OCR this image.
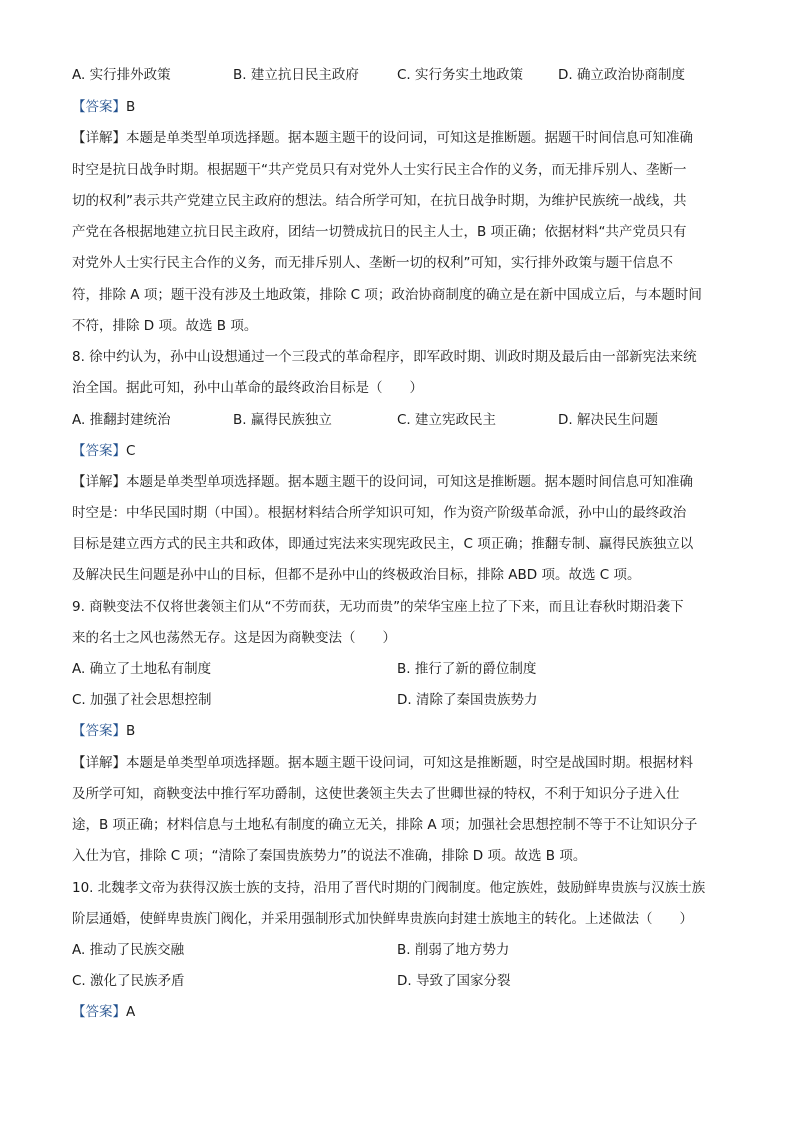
A. 实行排外政策	B. 建立抗日民主政府	C. 实行务实土地政策	D. 确立政治协商制度
【答案】B
【详解】本题是单类型单项选择题。据本题主题干的设问词，可知这是推断题。据题干时间信息可知准确
时空是抗日战争时期。根据题干“共产党员只有对党外人士实行民主合作的义务，而无排斥别人、垄断一
切的权利”表示共产党建立民主政府的想法。结合所学可知，在抗日战争时期，为维护民族统一战线，共
产党在各根据地建立抗日民主政府，团结一切赞成抗日的民主人士，B 项正确；依据材料“共产党员只有
对党外人士实行民主合作的义务，而无排斥别人、垄断一切的权利”可知，实行排外政策与题干信息不
符，排除 A 项；题干没有涉及土地政策，排除 C 项；政治协商制度的确立是在新中国成立后，与本题时间
不符，排除 D 项。故选 B 项。
8. 徐中约认为，孙中山设想通过一个三段式的革命程序，即军政时期、训政时期及最后由一部新宪法来统
治全国。据此可知，孙中山革命的最终政治目标是（　　）
A. 推翻封建统治	B. 赢得民族独立	C. 建立宪政民主	D. 解决民生问题
【答案】C
【详解】本题是单类型单项选择题。据本题主题干的设问词，可知这是推断题。据本题时间信息可知准确
时空是：中华民国时期（中国）。根据材料结合所学知识可知，作为资产阶级革命派，孙中山的最终政治
目标是建立西方式的民主共和政体，即通过宪法来实现宪政民主，C 项正确；推翻专制、赢得民族独立以
及解决民生问题是孙中山的目标，但都不是孙中山的终极政治目标，排除 ABD 项。故选 C 项。
9. 商鞅变法不仅将世袭领主们从“不劳而获，无功而贵”的荣华宝座上拉了下来，而且让春秋时期沿袭下
来的名士之风也荡然无存。这是因为商鞅变法（　　）
A. 确立了土地私有制度	B. 推行了新的爵位制度
C. 加强了社会思想控制	D. 清除了秦国贵族势力
【答案】B
【详解】本题是单类型单项选择题。据本题主题干设问词，可知这是推断题，时空是战国时期。根据材料
及所学可知，商鞅变法中推行军功爵制，这使世袭领主失去了世卿世禄的特权，不利于知识分子进入仕
途，B 项正确；材料信息与土地私有制度的确立无关，排除 A 项；加强社会思想控制不等于不让知识分子
入仕为官，排除 C 项；“清除了秦国贵族势力”的说法不准确，排除 D 项。故选 B 项。
10. 北魏孝文帝为获得汉族士族的支持，沿用了晋代时期的门阀制度。他定族姓，鼓励鲜卑贵族与汉族士族
阶层通婚，使鲜卑贵族门阀化，并采用强制形式加快鲜卑贵族向封建士族地主的转化。上述做法（　　）
A. 推动了民族交融	B. 削弱了地方势力
C. 激化了民族矛盾	D. 导致了国家分裂
【答案】A
